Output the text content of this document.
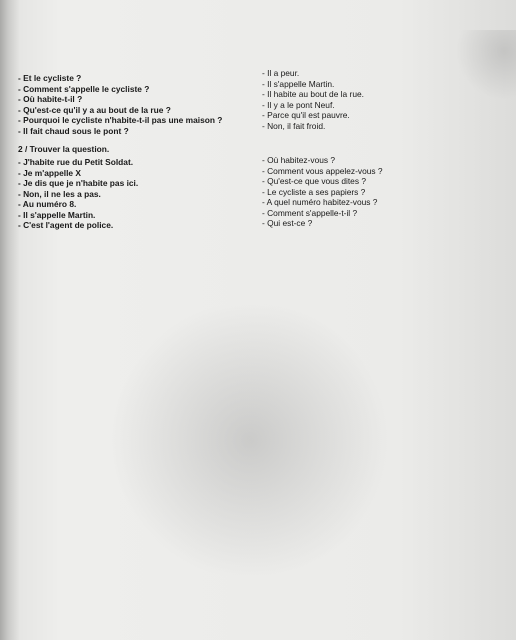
- Et le cycliste ?
- Comment s'appelle le cycliste ?
- Où habite-t-il ?
- Qu'est-ce qu'il y a au bout de la rue ?
- Pourquoi le cycliste n'habite-t-il pas une maison ?
- Il fait chaud sous le pont ?
- Il a peur.
- Il s'appelle Martin.
- Il habite au bout de la rue.
- Il y a le pont Neuf.
- Parce qu'il est pauvre.
- Non, il fait froid.
2 / Trouver la question.
- J'habite rue du Petit Soldat.
- Je m'appelle X
- Je dis que je n'habite pas ici.
- Non, il ne les a pas.
- Au numéro 8.
- Il s'appelle Martin.
- C'est l'agent de police.
- Où habitez-vous ?
- Comment vous appelez-vous ?
- Qu'est-ce que vous dites ?
- Le cycliste a ses papiers ?
- A quel numéro habitez-vous ?
- Comment s'appelle-t-il ?
- Qui est-ce ?
